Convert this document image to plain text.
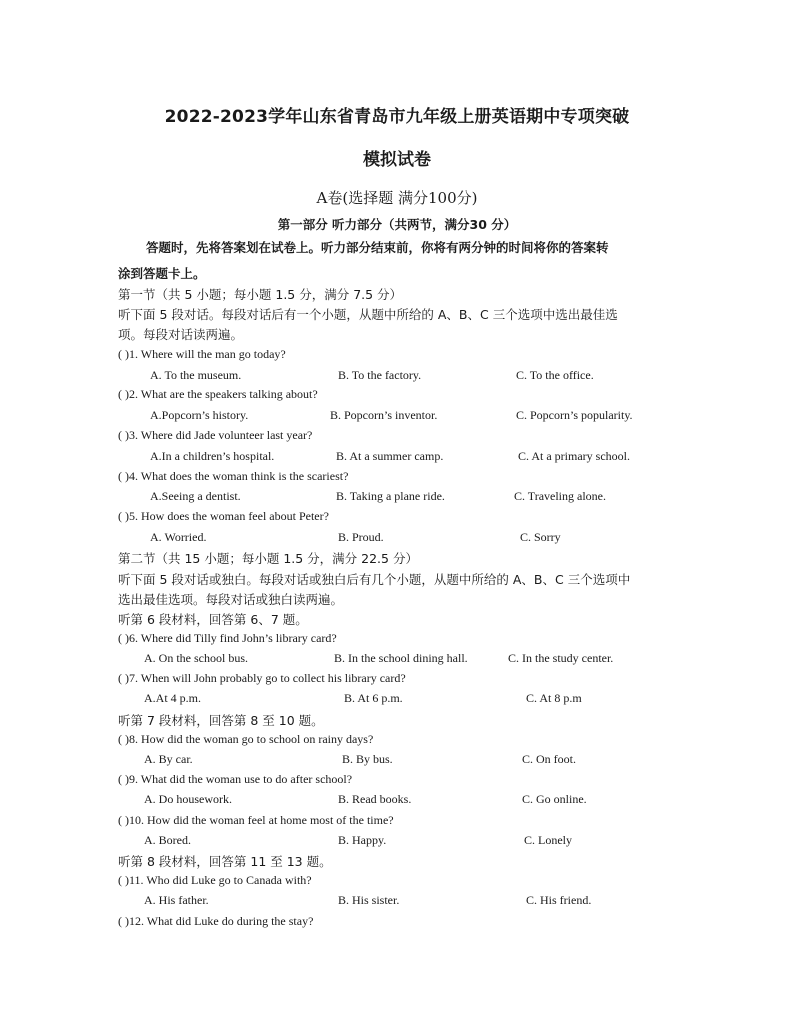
2022-2023学年山东省青岛市九年级上册英语期中专项突破
模拟试卷
A卷(选择题 满分100分)
第一部分 听力部分（共两节，满分30 分）
答题时，先将答案划在试卷上。听力部分结束前，你将有两分钟的时间将你的答案转
涂到答题卡上。
第一节（共 5 小题；每小题 1.5 分，满分 7.5 分）
听下面 5 段对话。每段对话后有一个小题，从题中所给的 A、B、C 三个选项中选出最佳选
项。每段对话读两遍。
( )1. Where will the man go today?
A. To the museum.	B. To the factory.	C. To the office.
( )2. What are the speakers talking about?
A.Popcorn’s history.	B. Popcorn’s inventor.	C. Popcorn’s popularity.
( )3. Where did Jade volunteer last year?
A.In a children’s hospital.	B. At a summer camp.	C. At a primary school.
( )4. What does the woman think is the scariest?
A.Seeing a dentist.	B. Taking a plane ride.	C. Traveling alone.
( )5. How does the woman feel about Peter?
A. Worried.	B. Proud.	C. Sorry
第二节（共 15 小题；每小题 1.5 分，满分 22.5 分）
听下面 5 段对话或独白。每段对话或独白后有几个小题，从题中所给的 A、B、C 三个选项中
选出最佳选项。每段对话或独白读两遍。
听第 6 段材料，回答第 6、7 题。
( )6. Where did Tilly find John’s library card?
A. On the school bus.	B. In the school dining hall.	C. In the study center.
( )7. When will John probably go to collect his library card?
A.At 4 p.m.	B. At 6 p.m.	C. At 8 p.m
听第 7 段材料，回答第 8 至 10 题。
( )8. How did the woman go to school on rainy days?
A. By car.	B. By bus.	C. On foot.
( )9. What did the woman use to do after school?
A. Do housework.	B. Read books.	C. Go online.
( )10. How did the woman feel at home most of the time?
A. Bored.	B. Happy.	C. Lonely
听第 8 段材料，回答第 11 至 13 题。
( )11. Who did Luke go to Canada with?
A. His father.	B. His sister.	C. His friend.
( )12. What did Luke do during the stay?
